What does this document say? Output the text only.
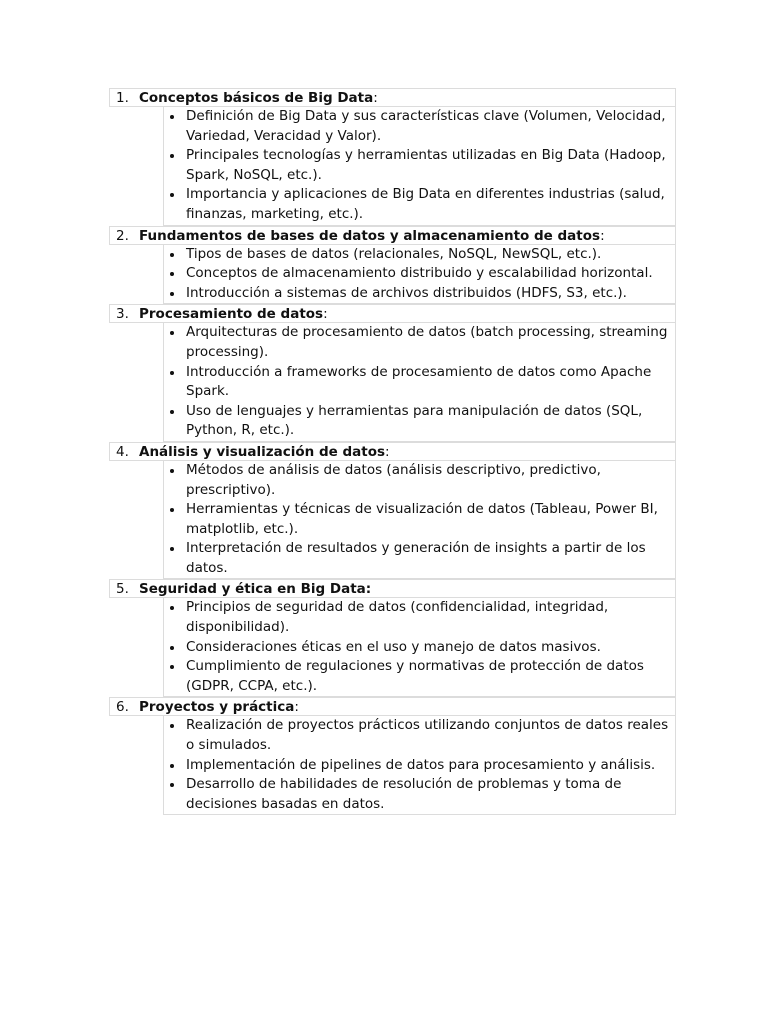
1. Conceptos básicos de Big Data:
Definición de Big Data y sus características clave (Volumen, Velocidad, Variedad, Veracidad y Valor).
Principales tecnologías y herramientas utilizadas en Big Data (Hadoop, Spark, NoSQL, etc.).
Importancia y aplicaciones de Big Data en diferentes industrias (salud, finanzas, marketing, etc.).
2. Fundamentos de bases de datos y almacenamiento de datos:
Tipos de bases de datos (relacionales, NoSQL, NewSQL, etc.).
Conceptos de almacenamiento distribuido y escalabilidad horizontal.
Introducción a sistemas de archivos distribuidos (HDFS, S3, etc.).
3. Procesamiento de datos:
Arquitecturas de procesamiento de datos (batch processing, streaming processing).
Introducción a frameworks de procesamiento de datos como Apache Spark.
Uso de lenguajes y herramientas para manipulación de datos (SQL, Python, R, etc.).
4. Análisis y visualización de datos:
Métodos de análisis de datos (análisis descriptivo, predictivo, prescriptivo).
Herramientas y técnicas de visualización de datos (Tableau, Power BI, matplotlib, etc.).
Interpretación de resultados y generación de insights a partir de los datos.
5. Seguridad y ética en Big Data:
Principios de seguridad de datos (confidencialidad, integridad, disponibilidad).
Consideraciones éticas en el uso y manejo de datos masivos.
Cumplimiento de regulaciones y normativas de protección de datos (GDPR, CCPA, etc.).
6. Proyectos y práctica:
Realización de proyectos prácticos utilizando conjuntos de datos reales o simulados.
Implementación de pipelines de datos para procesamiento y análisis.
Desarrollo de habilidades de resolución de problemas y toma de decisiones basadas en datos.
